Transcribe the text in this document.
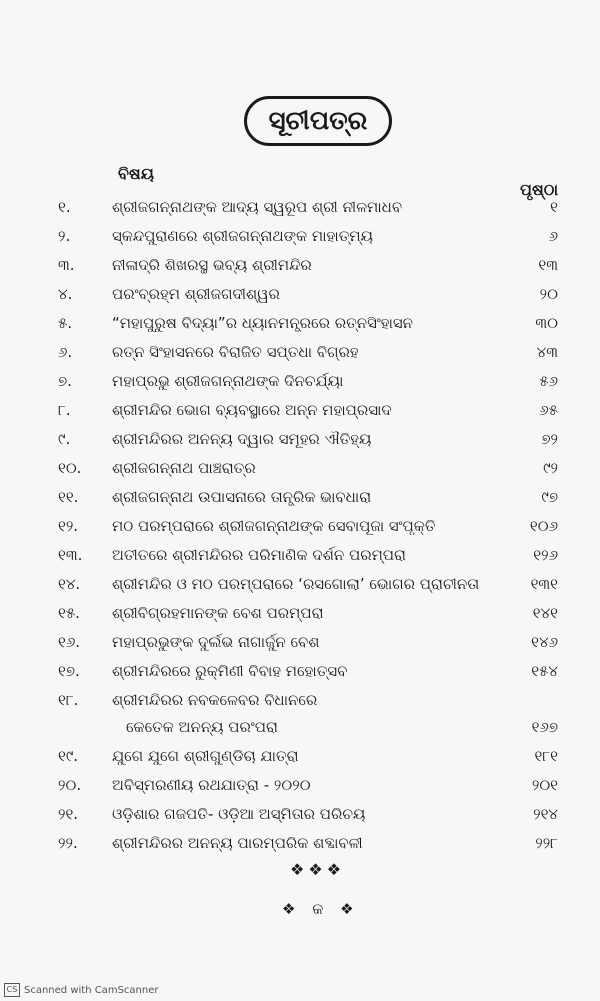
ସୂଚୀପତ୍ର
ବିଷୟ
ପୃଷ୍ଠା
୧.	ଶ୍ରୀଜଗନ୍ନାଥଙ୍କ ଆଦ୍ୟ ସ୍ୱରୂପ ଶ୍ରୀ ନୀଳମାଧବ	୧
୨.	ସ୍କନ୍ଦପୁରାଣରେ ଶ୍ରୀଜଗନ୍ନାଥଙ୍କ ମାହାତ୍ମ୍ୟ	୬
୩.	ନୀଳାଦ୍ରି ଶିଖରସ୍ଥ ଭବ୍ୟ ଶ୍ରୀମନ୍ଦିର	୧୩
୪.	ପରଂବ୍ରହ୍ମ ଶ୍ରୀଜଗଦୀଶ୍ୱର	୨୦
୫.	“ମହାପୁରୁଷ ବିଦ୍ୟା”ର ଧ୍ୟାନମନ୍ତ୍ରରେ ରତ୍ନସିଂହାସନ	୩୦
୬.	ରତ୍ନ ସିଂହାସନରେ ବିରାଜିତ ସପ୍ତଧା ବିଗ୍ରହ	୪୩
୭.	ମହାପ୍ରଭୁ ଶ୍ରୀଜଗନ୍ନାଥଙ୍କ ଦିନଚର୍ଯ୍ୟା	୫୬
୮.	ଶ୍ରୀମନ୍ଦିର ଭୋଗ ବ୍ୟବସ୍ଥାରେ ଅନ୍ନ ମହାପ୍ରସାଦ	୬୫
୯.	ଶ୍ରୀମନ୍ଦିରର ଅନନ୍ୟ ଦ୍ୱାର ସମୂହର ଐତିହ୍ୟ	୭୨
୧୦.	ଶ୍ରୀଜଗନ୍ନାଥ ପାଞ୍ଚରାତ୍ର	୯୨
୧୧.	ଶ୍ରୀଜଗନ୍ନାଥ ଉପାସନାରେ ତାନ୍ତ୍ରିକ ଭାବଧାରା	୯୭
୧୨.	ମଠ ପରମ୍ପରାରେ ଶ୍ରୀଜଗନ୍ନାଥଙ୍କ ସେବାପୂଜା ସଂପୃକ୍ତି	୧୦୬
୧୩.	ଅତୀତରେ ଶ୍ରୀମନ୍ଦିରର ପରିମାଣିକ ଦର୍ଶନ ପରମ୍ପରା	୧୨୬
୧୪.	ଶ୍ରୀମନ୍ଦିର ଓ ମଠ ପରମ୍ପରାରେ ‘ରସଗୋଲା’ ଭୋଗର ପ୍ରାଚୀନତା	୧୩୧
୧୫.	ଶ୍ରୀବିଗ୍ରହମାନଙ୍କ ବେଶ ପରମ୍ପରା	୧୪୧
୧୬.	ମହାପ୍ରଭୁଙ୍କ ଦୁର୍ଲଭ ନାଗାର୍ଜୁନ ବେଶ	୧୪୬
୧୭.	ଶ୍ରୀମନ୍ଦିରରେ ରୁକ୍ମିଣୀ ବିବାହ ମହୋତ୍ସବ	୧୫୪
୧୮.	ଶ୍ରୀମନ୍ଦିରର ନବକଳେବର ବିଧାନରେ
କେତେକ ଅନନ୍ୟ ପରଂପରା	୧୬୭
୧୯.	ଯୁଗେ ଯୁଗେ ଶ୍ରୀଗୁଣ୍ଡିଚା ଯାତ୍ରା	୧୮୧
୨୦.	ଅବିସ୍ମରଣୀୟ ରଥଯାତ୍ରା - ୨୦୨୦	୨୦୧
୨୧.	ଓଡ଼ିଶାର ଗଜପତି- ଓଡ଼ିଆ ଅସ୍ମିତାର ପରିଚୟ	୨୧୪
୨୨.	ଶ୍ରୀମନ୍ଦିରର ଅନନ୍ୟ ପାରମ୍ପରିକ ଶବ୍ଦାବଳୀ	୨୨୮
❖❖❖
❖ କ ❖
CS Scanned with CamScanner
